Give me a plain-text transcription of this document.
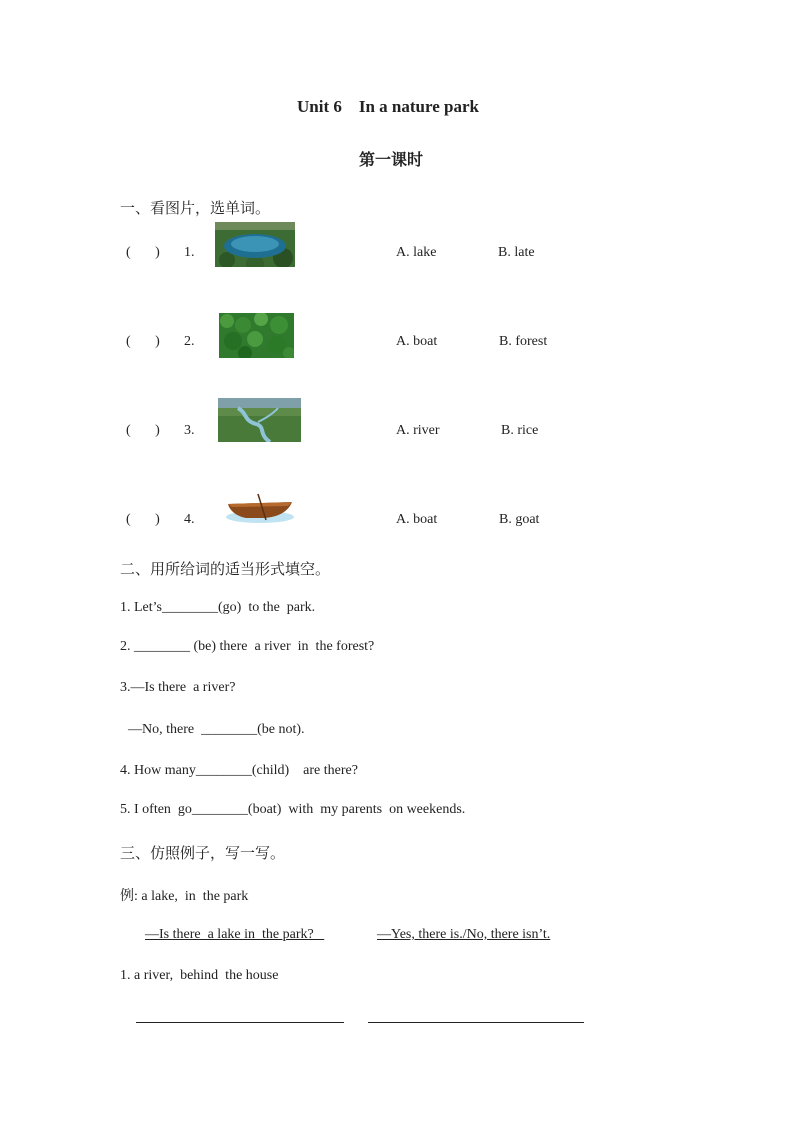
Unit 6    In a nature park
第一课时
一、看图片，选单词。
(       ) 1.	A. lake	B. late
(       ) 2.	A. boat	B. forest
(       ) 3.	A. river	B. rice
(       ) 4.	A. boat	B. goat
二、用所给词的适当形式填空。
1. Let’s________(go)  to the  park.
2. ________ (be) there  a river  in  the forest?
3.—Is there  a river?
—No, there  ________(be not).
4. How many________(child)    are there?
5. I often  go________(boat)  with  my parents  on weekends.
三、仿照例子，写一写。
例: a lake,  in  the park
—Is there  a lake in  the park?	—Yes, there is./No, there isn’t.
1. a river,  behind  the house
